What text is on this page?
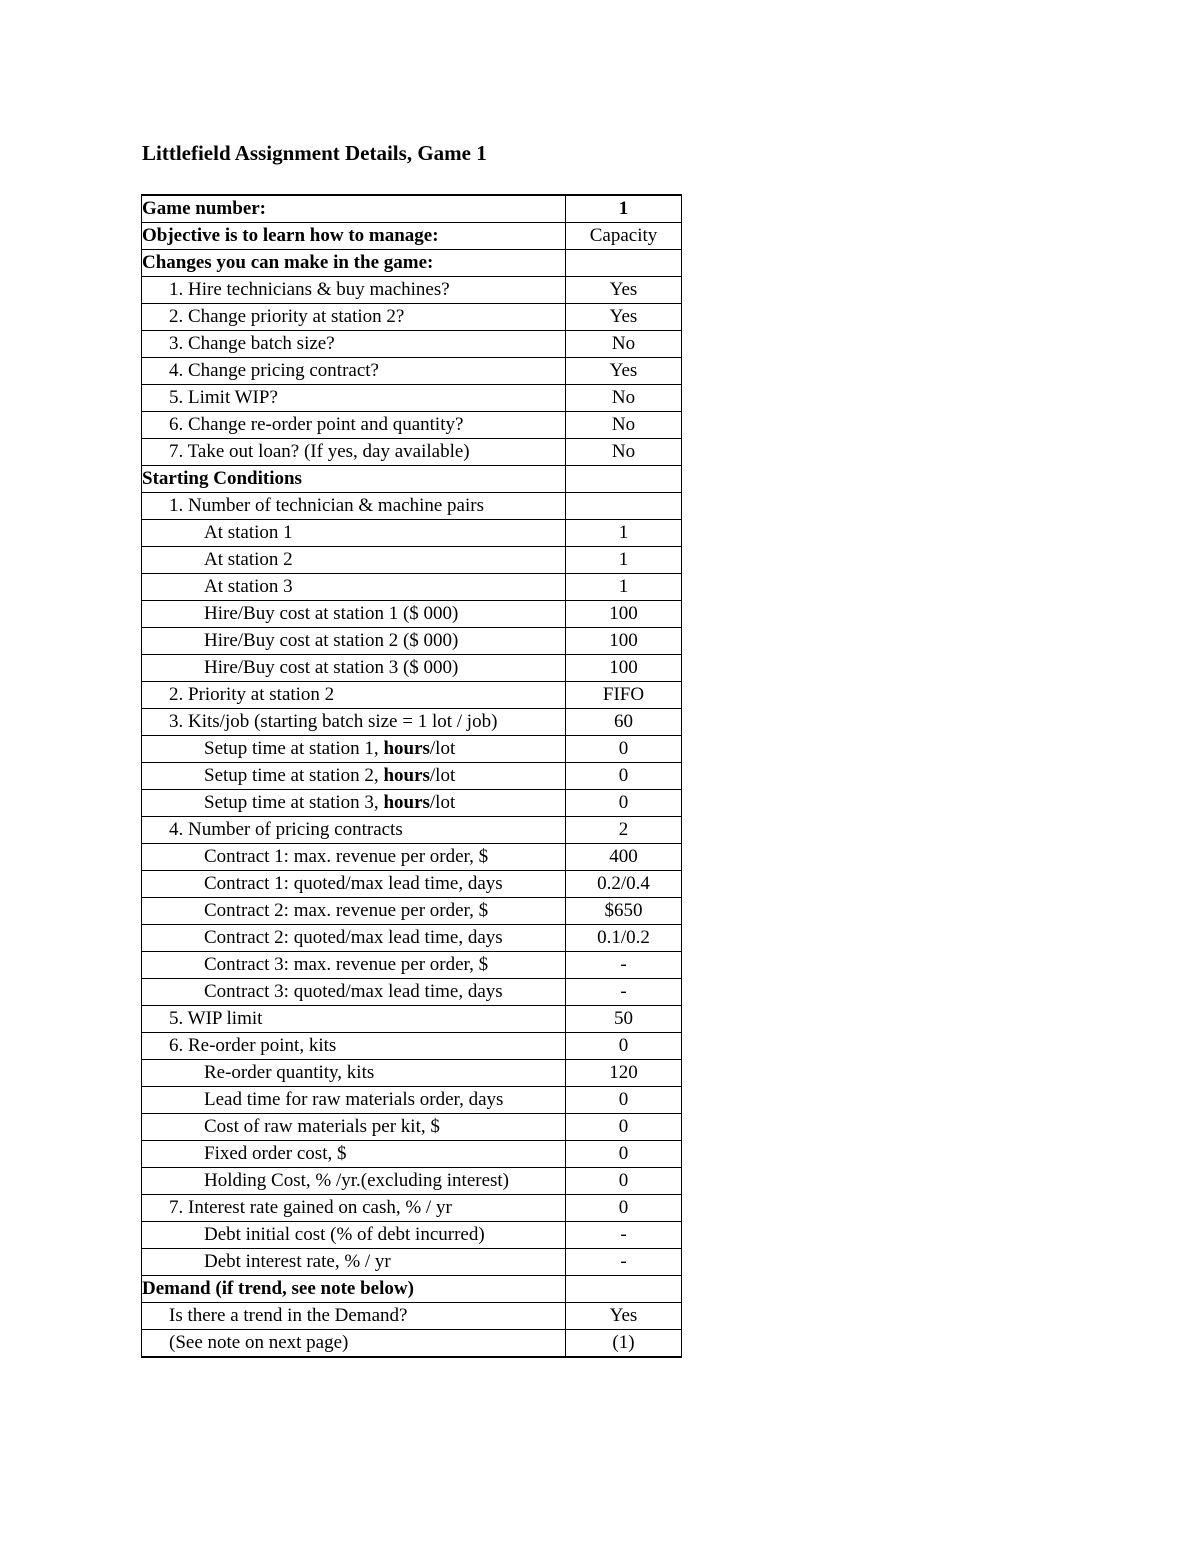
Littlefield Assignment Details, Game 1
Game number:	1
Objective is to learn how to manage:	Capacity
Changes you can make in the game:	
1. Hire technicians & buy machines?	Yes
2. Change priority at station 2?	Yes
3. Change batch size?	No
4. Change pricing contract?	Yes
5. Limit WIP?	No
6. Change re-order point and quantity?	No
7. Take out loan? (If yes, day available)	No
Starting Conditions	
1. Number of technician & machine pairs	
At station 1	1
At station 2	1
At station 3	1
Hire/Buy cost at station 1 ($ 000)	100
Hire/Buy cost at station 2 ($ 000)	100
Hire/Buy cost at station 3 ($ 000)	100
2. Priority at station 2	FIFO
3. Kits/job (starting batch size = 1 lot / job)	60
Setup time at station 1, hours/lot	0
Setup time at station 2, hours/lot	0
Setup time at station 3, hours/lot	0
4. Number of pricing contracts	2
Contract 1: max. revenue per order, $	400
Contract 1: quoted/max lead time, days	0.2/0.4
Contract 2: max. revenue per order, $	$650
Contract 2: quoted/max lead time, days	0.1/0.2
Contract 3: max. revenue per order, $	-
Contract 3: quoted/max lead time, days	-
5. WIP limit	50
6. Re-order point, kits	0
Re-order quantity, kits	120
Lead time for raw materials order, days	0
Cost of raw materials per kit, $	0
Fixed order cost, $	0
Holding Cost, % /yr.(excluding interest)	0
7. Interest rate gained on cash, % / yr	0
Debt initial cost (% of debt incurred)	-
Debt interest rate, % / yr	-
Demand (if trend, see note below)	
Is there a trend in the Demand?	Yes
(See note on next page)	(1)
